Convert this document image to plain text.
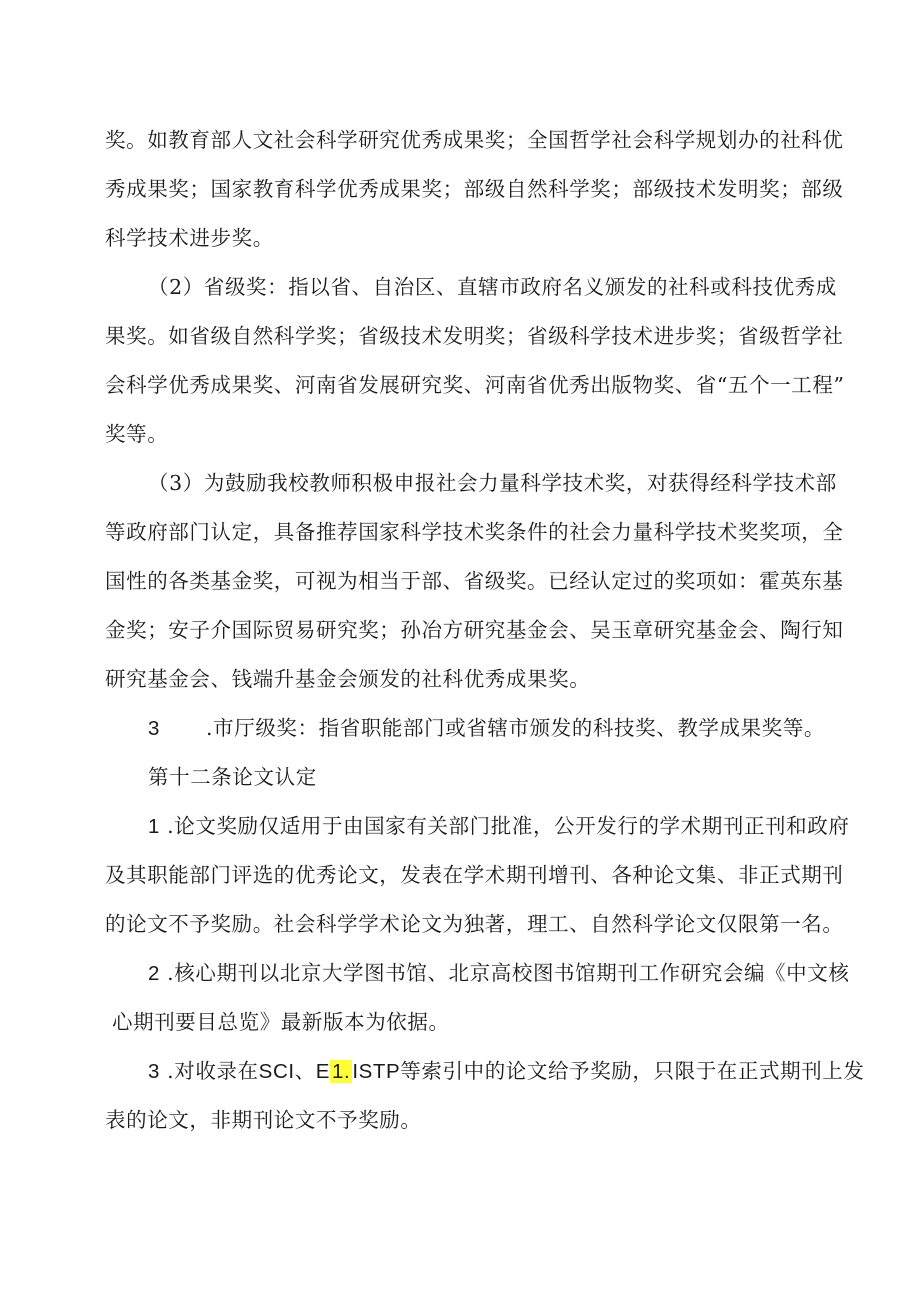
奖。如教育部人文社会科学研究优秀成果奖；全国哲学社会科学规划办的社科优
秀成果奖；国家教育科学优秀成果奖；部级自然科学奖；部级技术发明奖；部级
科学技术进步奖。
（2）省级奖：指以省、自治区、直辖市政府名义颁发的社科或科技优秀成
果奖。如省级自然科学奖；省级技术发明奖；省级科学技术进步奖；省级哲学社
会科学优秀成果奖、河南省发展研究奖、河南省优秀出版物奖、省“五个一工程”
奖等。
（3）为鼓励我校教师积极申报社会力量科学技术奖，对获得经科学技术部
等政府部门认定，具备推荐国家科学技术奖条件的社会力量科学技术奖奖项，全
国性的各类基金奖，可视为相当于部、省级奖。已经认定过的奖项如：霍英东基
金奖；安子介国际贸易研究奖；孙冶方研究基金会、吴玉章研究基金会、陶行知
研究基金会、钱端升基金会颁发的社科优秀成果奖。
3 .市厅级奖：指省职能部门或省辖市颁发的科技奖、教学成果奖等。
第十二条论文认定
1 .论文奖励仅适用于由国家有关部门批准，公开发行的学术期刊正刊和政府
及其职能部门评选的优秀论文，发表在学术期刊增刊、各种论文集、非正式期刊
的论文不予奖励。社会科学学术论文为独著，理工、自然科学论文仅限第一名。
2 .核心期刊以北京大学图书馆、北京高校图书馆期刊工作研究会编《中文核
心期刊要目总览》最新版本为依据。
3 .对收录在SCI、E1.ISTP等索引中的论文给予奖励，只限于在正式期刊上发
表的论文，非期刊论文不予奖励。
